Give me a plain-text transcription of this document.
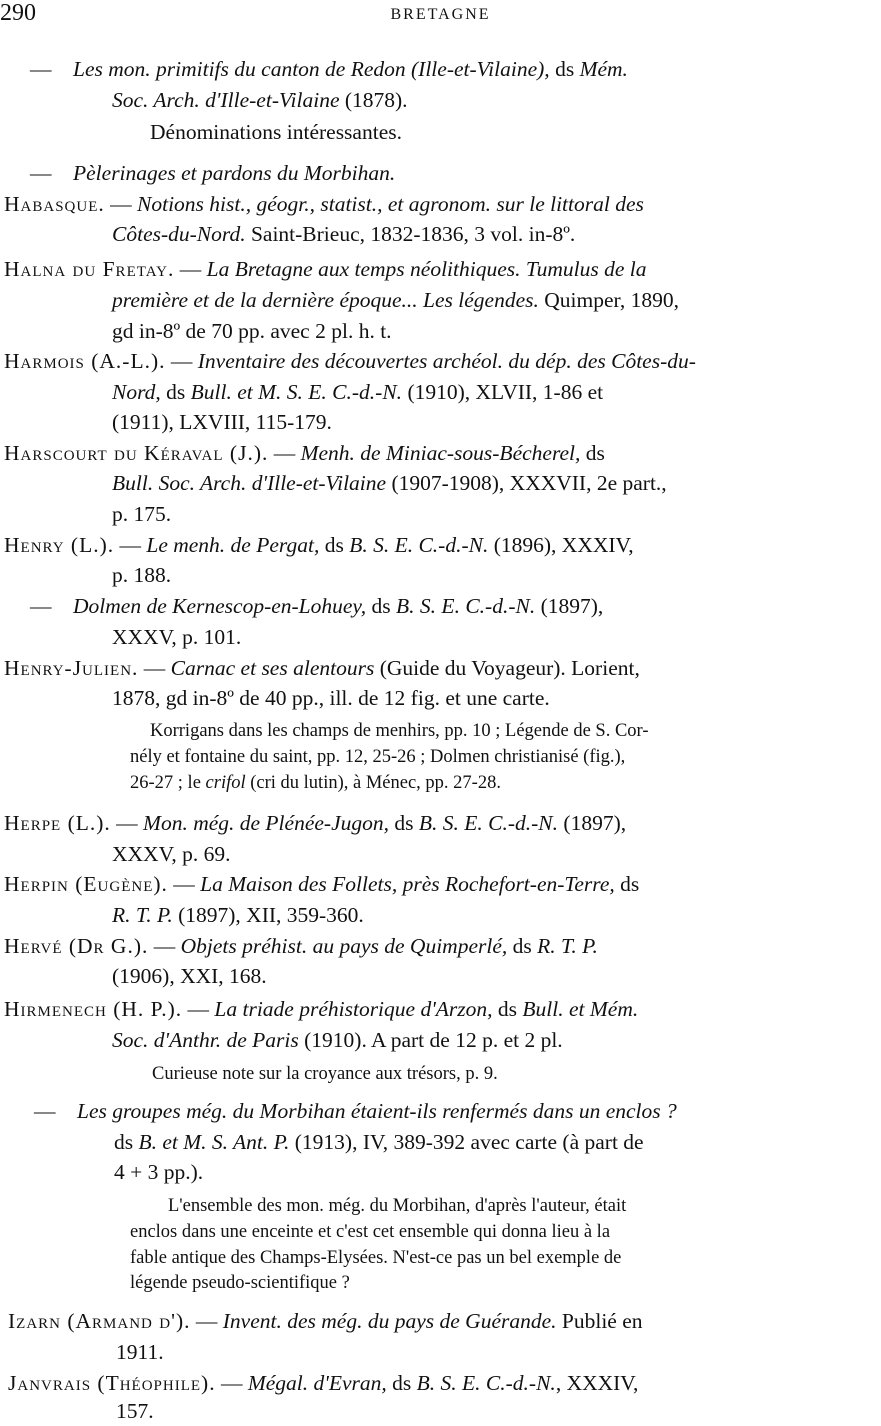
290	BRETAGNE
— Les mon. primitifs du canton de Redon (Ille-et-Vilaine), ds Mém.
Soc. Arch. d'Ille-et-Vilaine (1878).
Dénominations intéressantes.
— Pèlerinages et pardons du Morbihan.
Habasque. — Notions hist., géogr., statist., et agronom. sur le littoral des
Côtes-du-Nord. Saint-Brieuc, 1832-1836, 3 vol. in-8º.
Halna du Fretay. — La Bretagne aux temps néolithiques. Tumulus de la
première et de la dernière époque... Les légendes. Quimper, 1890,
gd in-8º de 70 pp. avec 2 pl. h. t.
Harmois (A.-L.). — Inventaire des découvertes archéol. du dép. des Côtes-du-
Nord, ds Bull. et M. S. E. C.-d.-N. (1910), XLVII, 1-86 et
(1911), LXVIII, 115-179.
Harscourt du Kéraval (J.). — Menh. de Miniac-sous-Bécherel, ds
Bull. Soc. Arch. d'Ille-et-Vilaine (1907-1908), XXXVII, 2e part.,
p. 175.
Henry (L.). — Le menh. de Pergat, ds B. S. E. C.-d.-N. (1896), XXXIV,
p. 188.
— Dolmen de Kernescop-en-Lohuey, ds B. S. E. C.-d.-N. (1897),
XXXV, p. 101.
Henry-Julien. — Carnac et ses alentours (Guide du Voyageur). Lorient,
1878, gd in-8º de 40 pp., ill. de 12 fig. et une carte.
Korrigans dans les champs de menhirs, pp. 10 ; Légende de S. Cor-
nély et fontaine du saint, pp. 12, 25-26 ; Dolmen christianisé (fig.),
26-27 ; le crifol (cri du lutin), à Ménec, pp. 27-28.
Herpe (L.). — Mon. még. de Plénée-Jugon, ds B. S. E. C.-d.-N. (1897),
XXXV, p. 69.
Herpin (Eugène). — La Maison des Follets, près Rochefort-en-Terre, ds
R. T. P. (1897), XII, 359-360.
Hervé (Dr G.). — Objets préhist. au pays de Quimperlé, ds R. T. P.
(1906), XXI, 168.
Hirmenech (H. P.). — La triade préhistorique d'Arzon, ds Bull. et Mém.
Soc. d'Anthr. de Paris (1910). A part de 12 p. et 2 pl.
Curieuse note sur la croyance aux trésors, p. 9.
— Les groupes még. du Morbihan étaient-ils renfermés dans un enclos ?
ds B. et M. S. Ant. P. (1913), IV, 389-392 avec carte (à part de
4 + 3 pp.).
L'ensemble des mon. még. du Morbihan, d'après l'auteur, était
enclos dans une enceinte et c'est cet ensemble qui donna lieu à la
fable antique des Champs-Elysées. N'est-ce pas un bel exemple de
légende pseudo-scientifique ?
Izarn (Armand d'). — Invent. des még. du pays de Guérande. Publié en
1911.
Janvrais (Théophile). — Mégal. d'Evran, ds B. S. E. C.-d.-N., XXXIV,
157.
